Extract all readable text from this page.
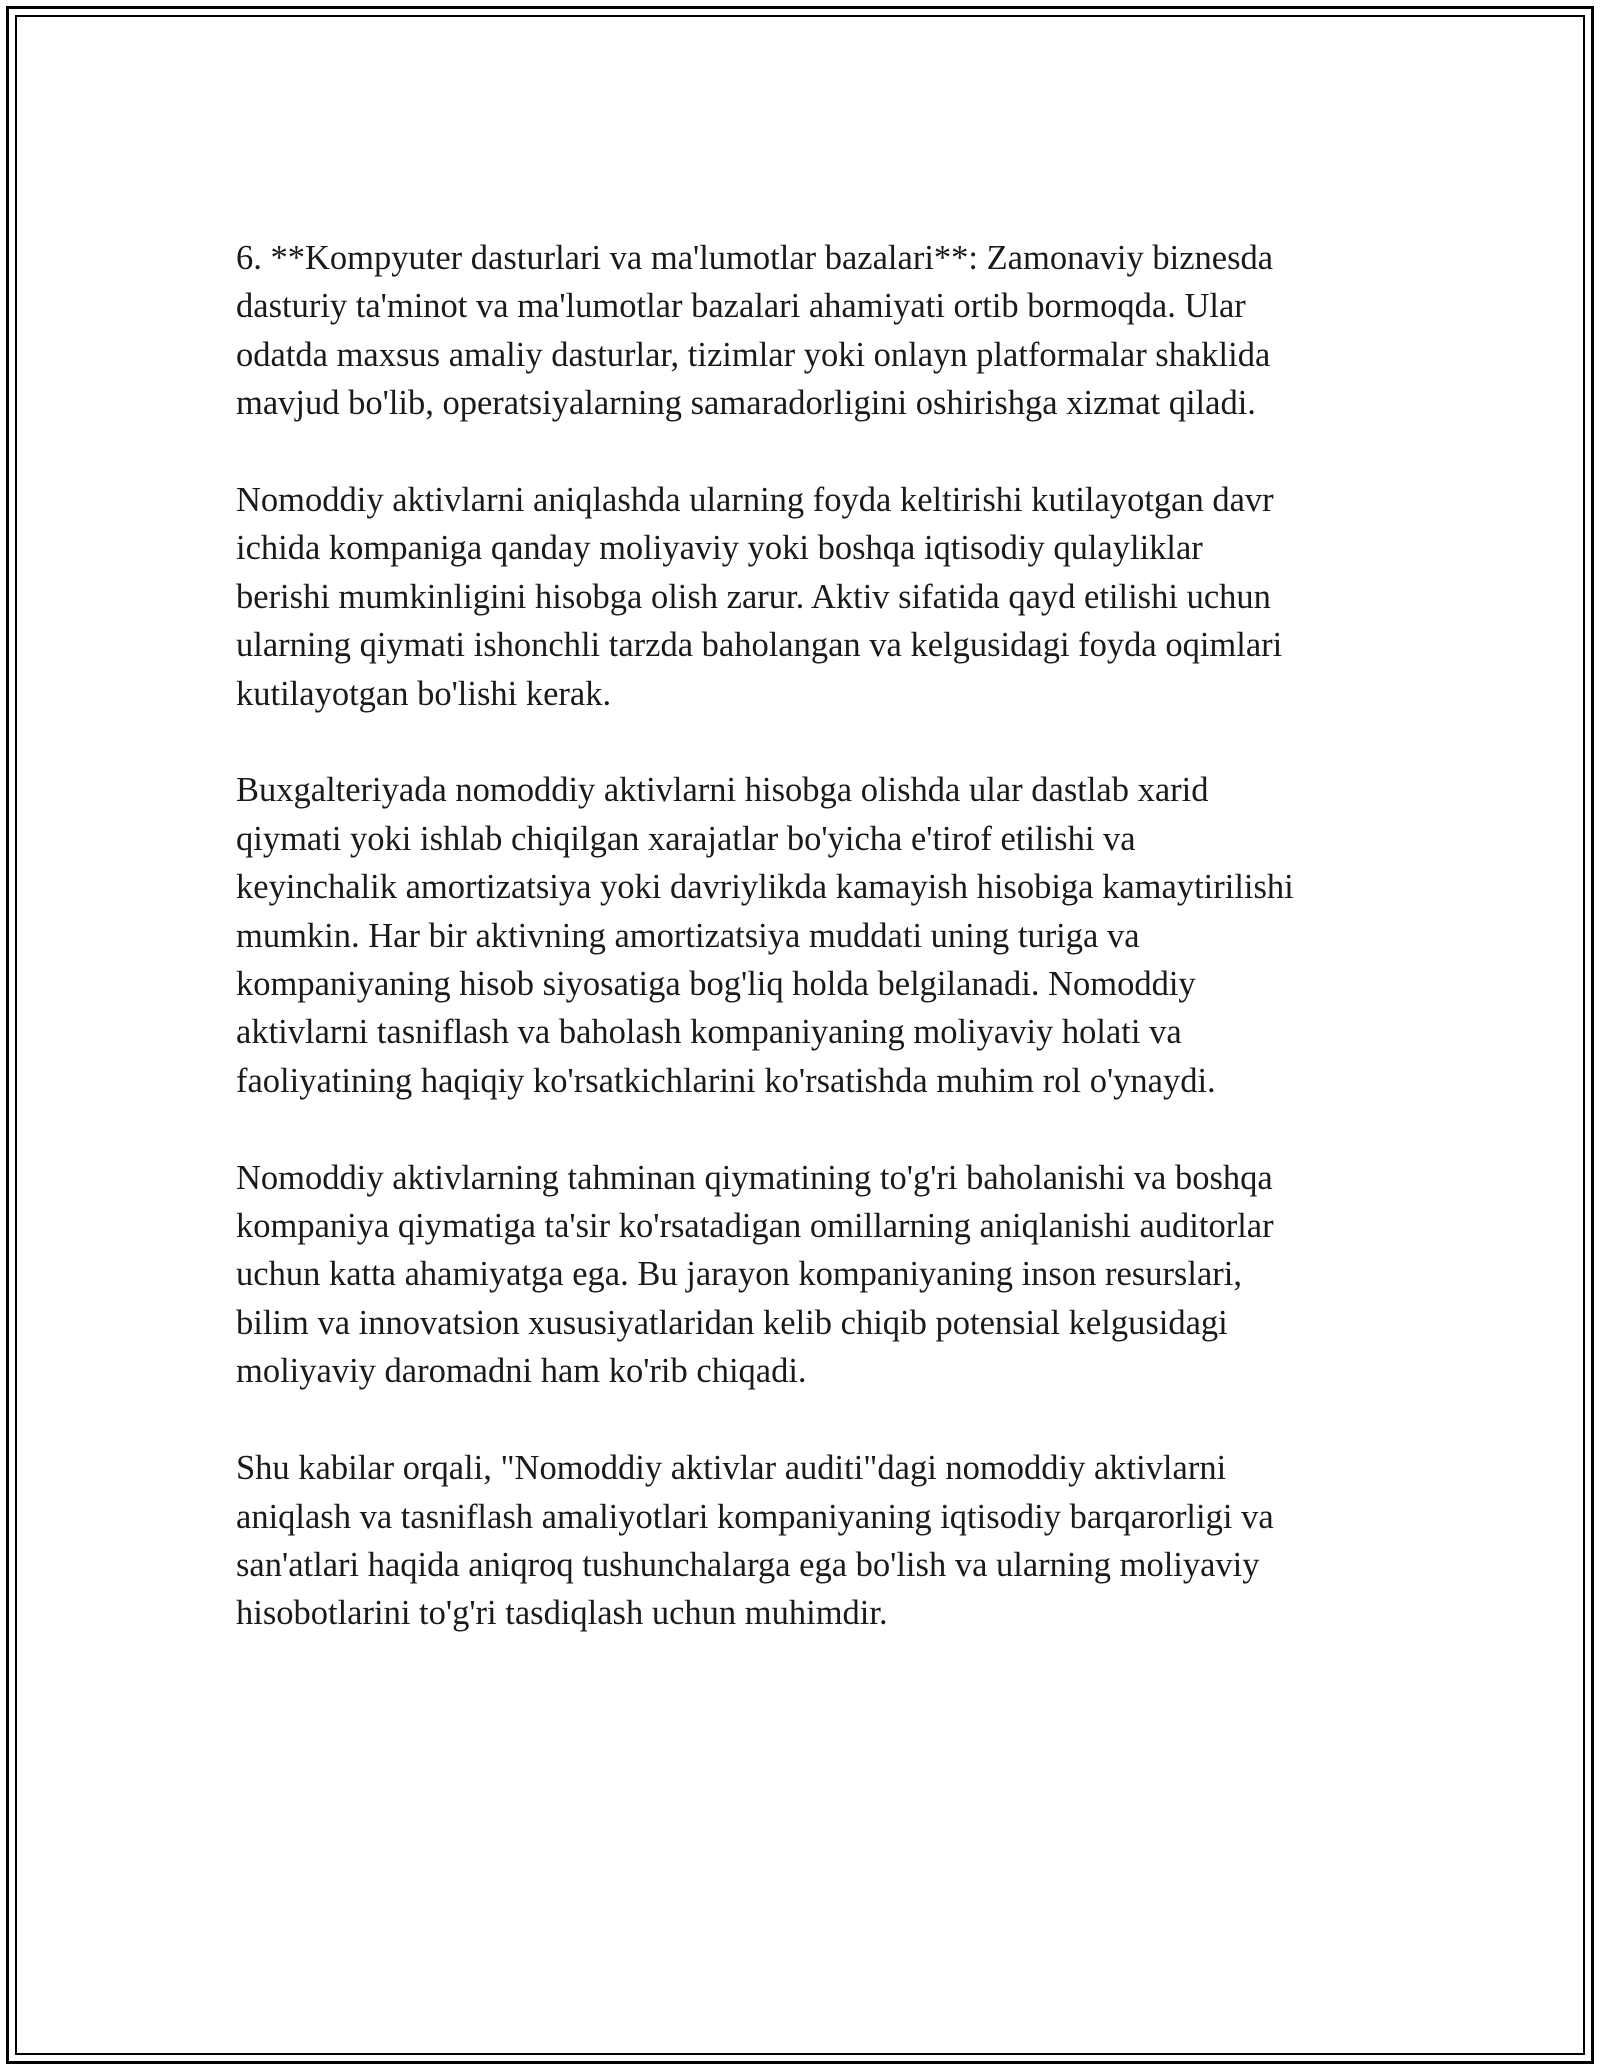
6. **Kompyuter dasturlari va ma'lumotlar bazalari**: Zamonaviy biznesda
dasturiy ta'minot va ma'lumotlar bazalari ahamiyati ortib bormoqda. Ular
odatda maxsus amaliy dasturlar, tizimlar yoki onlayn platformalar shaklida
mavjud bo'lib, operatsiyalarning samaradorligini oshirishga xizmat qiladi.

Nomoddiy aktivlarni aniqlashda ularning foyda keltirishi kutilayotgan davr
ichida kompaniga qanday moliyaviy yoki boshqa iqtisodiy qulayliklar
berishi mumkinligini hisobga olish zarur. Aktiv sifatida qayd etilishi uchun
ularning qiymati ishonchli tarzda baholangan va kelgusidagi foyda oqimlari
kutilayotgan bo'lishi kerak.

Buxgalteriyada nomoddiy aktivlarni hisobga olishda ular dastlab xarid
qiymati yoki ishlab chiqilgan xarajatlar bo'yicha e'tirof etilishi va
keyinchalik amortizatsiya yoki davriylikda kamayish hisobiga kamaytirilishi
mumkin. Har bir aktivning amortizatsiya muddati uning turiga va
kompaniyaning hisob siyosatiga bog'liq holda belgilanadi. Nomoddiy
aktivlarni tasniflash va baholash kompaniyaning moliyaviy holati va
faoliyatining haqiqiy ko'rsatkichlarini ko'rsatishda muhim rol o'ynaydi.

Nomoddiy aktivlarning tahminan qiymatining to'g'ri baholanishi va boshqa
kompaniya qiymatiga ta'sir ko'rsatadigan omillarning aniqlanishi auditorlar
uchun katta ahamiyatga ega. Bu jarayon kompaniyaning inson resurslari,
bilim va innovatsion xususiyatlaridan kelib chiqib potensial kelgusidagi
moliyaviy daromadni ham ko'rib chiqadi.

Shu kabilar orqali, "Nomoddiy aktivlar auditi"dagi nomoddiy aktivlarni
aniqlash va tasniflash amaliyotlari kompaniyaning iqtisodiy barqarorligi va
san'atlari haqida aniqroq tushunchalarga ega bo'lish va ularning moliyaviy
hisobotlarini to'g'ri tasdiqlash uchun muhimdir.
